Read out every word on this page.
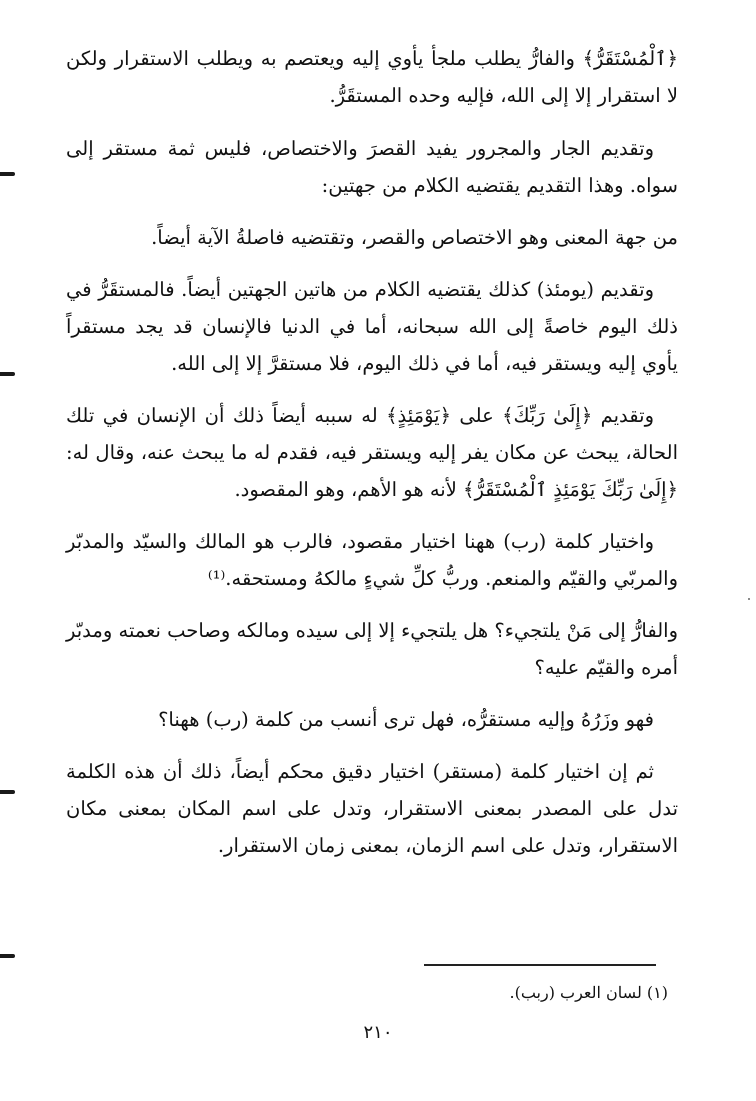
﴿ٱلْمُسْتَقَرُّ﴾ والفارُّ يطلب ملجأ يأوي إليه ويعتصم به ويطلب الاستقرار ولكن لا استقرار إلا إلى الله، فإليه وحده المستقَرُّ.

وتقديم الجار والمجرور يفيد القصرَ والاختصاص، فليس ثمة مستقر إلى سواه. وهذا التقديم يقتضيه الكلام من جهتين:

من جهة المعنى وهو الاختصاص والقصر، وتقتضيه فاصلةُ الآية أيضاً.

وتقديم (يومئذ) كذلك يقتضيه الكلام من هاتين الجهتين أيضاً. فالمستقَرُّ في ذلك اليوم خاصةً إلى الله سبحانه، أما في الدنيا فالإنسان قد يجد مستقراً يأوي إليه ويستقر فيه، أما في ذلك اليوم، فلا مستقرَّ إلا إلى الله.

وتقديم ﴿إِلَىٰ رَبِّكَ﴾ على ﴿يَوْمَئِذٍ﴾ له سببه أيضاً ذلك أن الإنسان في تلك الحالة، يبحث عن مكان يفر إليه ويستقر فيه، فقدم له ما يبحث عنه، وقال له: ﴿إِلَىٰ رَبِّكَ يَوْمَئِذٍ ٱلْمُسْتَقَرُّ﴾ لأنه هو الأهم، وهو المقصود.

واختيار كلمة (رب) ههنا اختيار مقصود، فالرب هو المالك والسيّد والمدبّر والمربّي والقيّم والمنعم. وربُّ كلِّ شيءٍ مالكهُ ومستحقه.⁽¹⁾

والفارُّ إلى مَنْ يلتجيء؟ هل يلتجيء إلا إلى سيده ومالكه وصاحب نعمته ومدبّر أمره والقيّم عليه؟

فهو وزَرُهُ وإليه مستقرُّه، فهل ترى أنسب من كلمة (رب) ههنا؟

ثم إن اختيار كلمة (مستقر) اختيار دقيق محكم أيضاً، ذلك أن هذه الكلمة تدل على المصدر بمعنى الاستقرار، وتدل على اسم المكان بمعنى مكان الاستقرار، وتدل على اسم الزمان، بمعنى زمان الاستقرار.

(١) لسان العرب (ربب).
٢١٠
